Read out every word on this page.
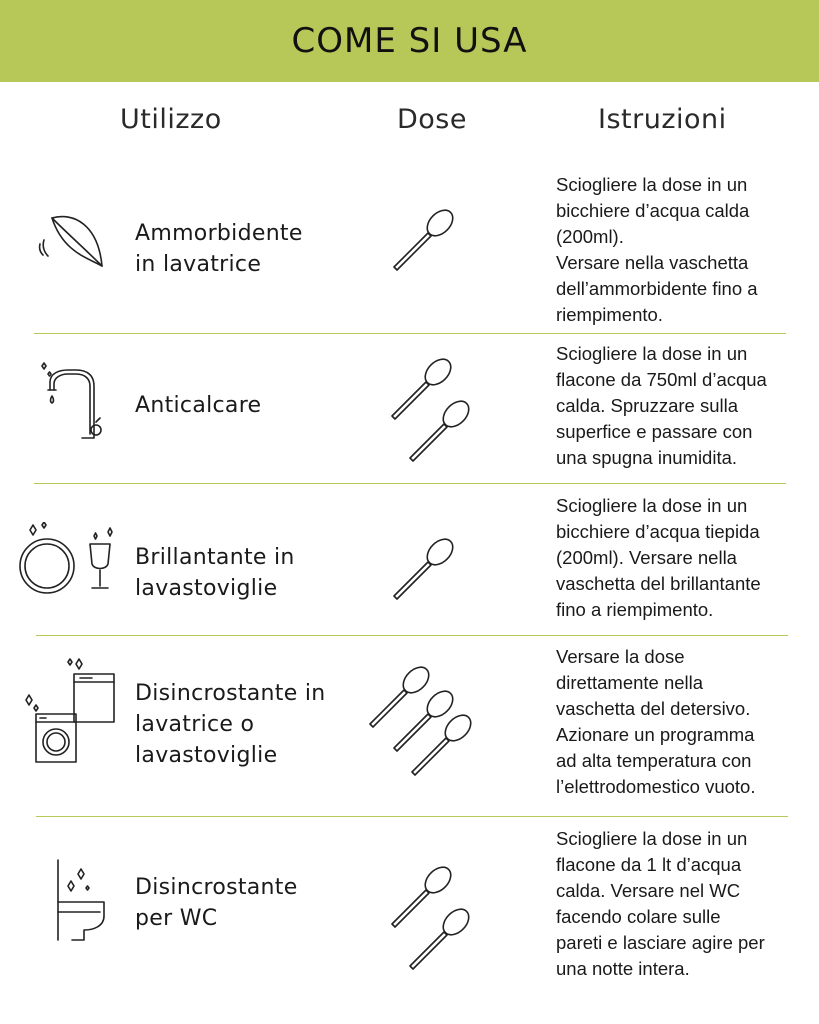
COME SI USA
Utilizzo	Dose	Istruzioni
Ammorbidente
in lavatrice
Sciogliere la dose in un
bicchiere d’acqua calda
(200ml).
Versare nella vaschetta
dell’ammorbidente fino a
riempimento.
Anticalcare
Sciogliere la dose in un
flacone da 750ml d’acqua
calda. Spruzzare sulla
superfice e passare con
una spugna inumidita.
Brillantante in
lavastoviglie
Sciogliere la dose in un
bicchiere d’acqua tiepida
(200ml). Versare nella
vaschetta del brillantante
fino a riempimento.
Disincrostante in
lavatrice o
lavastoviglie
Versare la dose
direttamente nella
vaschetta del detersivo.
Azionare un programma
ad alta temperatura con
l’elettrodomestico vuoto.
Disincrostante
per WC
Sciogliere la dose in un
flacone da 1 lt d’acqua
calda. Versare nel WC
facendo colare sulle
pareti e lasciare agire per
una notte intera.
